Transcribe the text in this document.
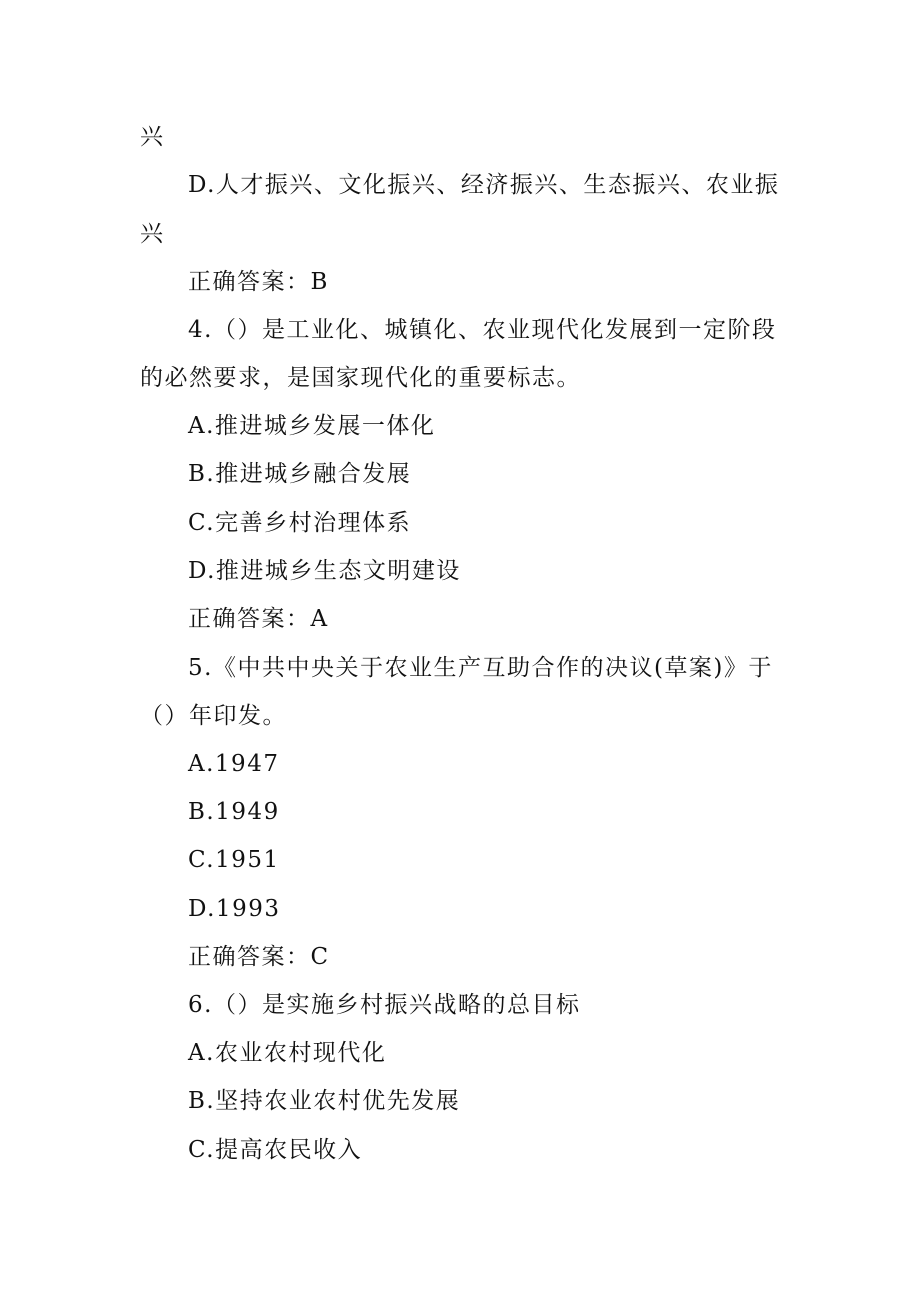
兴
D.人才振兴、文化振兴、经济振兴、生态振兴、农业振
兴
正确答案：B
4.（）是工业化、城镇化、农业现代化发展到一定阶段
的必然要求，是国家现代化的重要标志。
A.推进城乡发展一体化
B.推进城乡融合发展
C.完善乡村治理体系
D.推进城乡生态文明建设
正确答案：A
5.《中共中央关于农业生产互助合作的决议(草案)》于
（）年印发。
A.1947
B.1949
C.1951
D.1993
正确答案：C
6.（）是实施乡村振兴战略的总目标
A.农业农村现代化
B.坚持农业农村优先发展
C.提高农民收入
